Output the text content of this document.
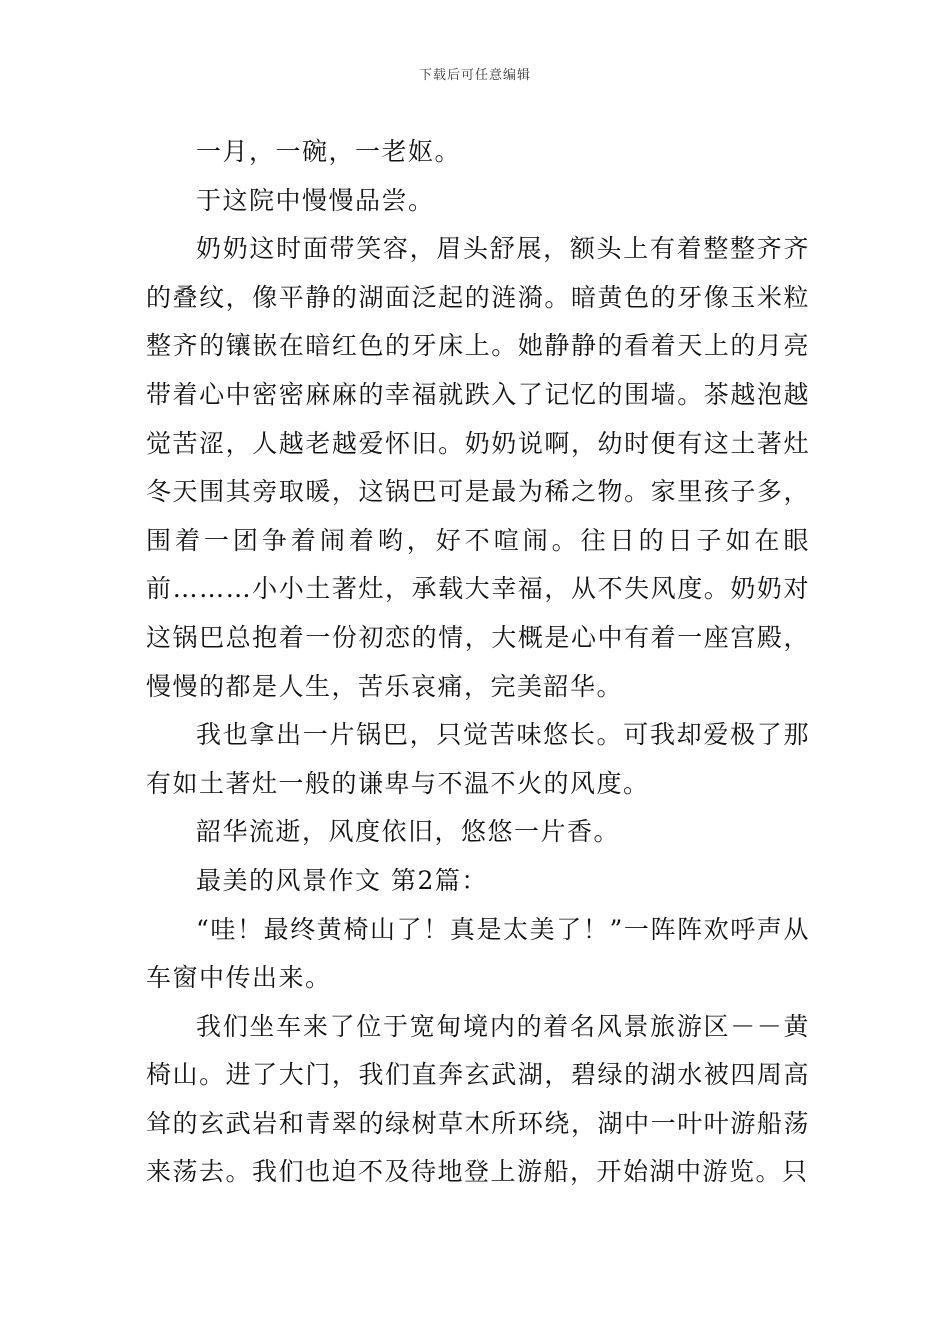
下载后可任意编辑

一月，一碗，一老妪。

于这院中慢慢品尝。

奶奶这时面带笑容，眉头舒展，额头上有着整整齐齐的叠纹，像平静的湖面泛起的涟漪。暗黄色的牙像玉米粒整齐的镶嵌在暗红色的牙床上。她静静的看着天上的月亮带着心中密密麻麻的幸福就跌入了记忆的围墙。茶越泡越觉苦涩，人越老越爱怀旧。奶奶说啊，幼时便有这土著灶冬天围其旁取暖，这锅巴可是最为稀之物。家里孩子多，围着一团争着闹着哟，好不喧闹。往日的日子如在眼前………小小土著灶，承载大幸福，从不失风度。奶奶对这锅巴总抱着一份初恋的情，大概是心中有着一座宫殿，慢慢的都是人生，苦乐哀痛，完美韶华。

我也拿出一片锅巴，只觉苦味悠长。可我却爱极了那有如土著灶一般的谦卑与不温不火的风度。

韶华流逝，风度依旧，悠悠一片香。

最美的风景作文 第2篇：

“哇！最终黄椅山了！真是太美了！”一阵阵欢呼声从车窗中传出来。

我们坐车来了位于宽甸境内的着名风景旅游区－－黄椅山。进了大门，我们直奔玄武湖，碧绿的湖水被四周高耸的玄武岩和青翠的绿树草木所环绕，湖中一叶叶游船荡来荡去。我们也迫不及待地登上游船，开始湖中游览。只
